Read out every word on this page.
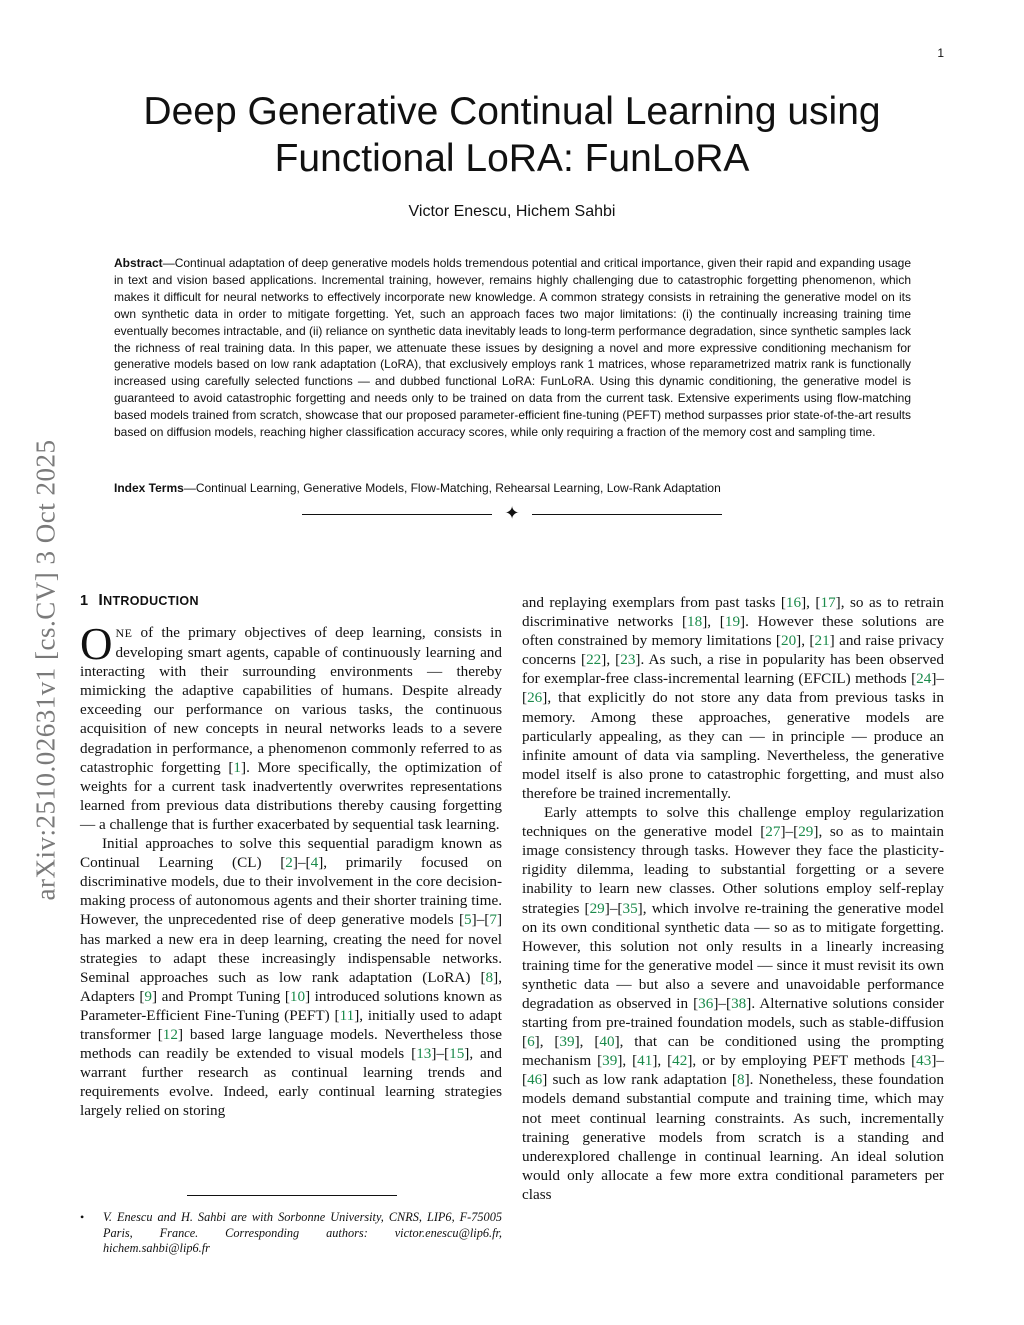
1
arXiv:2510.02631v1 [cs.CV] 3 Oct 2025
Deep Generative Continual Learning using
Functional LoRA: FunLoRA
Victor Enescu, Hichem Sahbi

Abstract—Continual adaptation of deep generative models holds tremendous potential and critical importance, given their rapid and expanding usage in text and vision based applications. Incremental training, however, remains highly challenging due to catastrophic forgetting phenomenon, which makes it difficult for neural networks to effectively incorporate new knowledge. A common strategy consists in retraining the generative model on its own synthetic data in order to mitigate forgetting. Yet, such an approach faces two major limitations: (i) the continually increasing training time eventually becomes intractable, and (ii) reliance on synthetic data inevitably leads to long-term performance degradation, since synthetic samples lack the richness of real training data. In this paper, we attenuate these issues by designing a novel and more expressive conditioning mechanism for generative models based on low rank adaptation (LoRA), that exclusively employs rank 1 matrices, whose reparametrized matrix rank is functionally increased using carefully selected functions — and dubbed functional LoRA: FunLoRA. Using this dynamic conditioning, the generative model is guaranteed to avoid catastrophic forgetting and needs only to be trained on data from the current task. Extensive experiments using flow-matching based models trained from scratch, showcase that our proposed parameter-efficient fine-tuning (PEFT) method surpasses prior state-of-the-art results based on diffusion models, reaching higher classification accuracy scores, while only requiring a fraction of the memory cost and sampling time.

Index Terms—Continual Learning, Generative Models, Flow-Matching, Rehearsal Learning, Low-Rank Adaptation

✦
1 INTRODUCTION

ONE of the primary objectives of deep learning, consists in developing smart agents, capable of continuously learning and interacting with their surrounding environments — thereby mimicking the adaptive capabilities of humans. Despite already exceeding our performance on various tasks, the continuous acquisition of new concepts in neural networks leads to a severe degradation in performance, a phenomenon commonly referred to as catastrophic forgetting [1]. More specifically, the optimization of weights for a current task inadvertently overwrites representations learned from previous data distributions thereby causing forgetting — a challenge that is further exacerbated by sequential task learning.

Initial approaches to solve this sequential paradigm known as Continual Learning (CL) [2]–[4], primarily focused on discriminative models, due to their involvement in the core decision-making process of autonomous agents and their shorter training time. However, the unprecedented rise of deep generative models [5]–[7] has marked a new era in deep learning, creating the need for novel strategies to adapt these increasingly indispensable networks. Seminal approaches such as low rank adaptation (LoRA) [8], Adapters [9] and Prompt Tuning [10] introduced solutions known as Parameter-Efficient Fine-Tuning (PEFT) [11], initially used to adapt transformer [12] based large language models. Nevertheless those methods can readily be extended to visual models [13]–[15], and warrant further research as continual learning trends and requirements evolve. Indeed, early continual learning strategies largely relied on storing

and replaying exemplars from past tasks [16], [17], so as to retrain discriminative networks [18], [19]. However these solutions are often constrained by memory limitations [20], [21] and raise privacy concerns [22], [23]. As such, a rise in popularity has been observed for exemplar-free class-incremental learning (EFCIL) methods [24]–[26], that explicitly do not store any data from previous tasks in memory. Among these approaches, generative models are particularly appealing, as they can — in principle — produce an infinite amount of data via sampling. Nevertheless, the generative model itself is also prone to catastrophic forgetting, and must also therefore be trained incrementally.

Early attempts to solve this challenge employ regularization techniques on the generative model [27]–[29], so as to maintain image consistency through tasks. However they face the plasticity-rigidity dilemma, leading to substantial forgetting or a severe inability to learn new classes. Other solutions employ self-replay strategies [29]–[35], which involve re-training the generative model on its own conditional synthetic data — so as to mitigate forgetting. However, this solution not only results in a linearly increasing training time for the generative model — since it must revisit its own synthetic data — but also a severe and unavoidable performance degradation as observed in [36]–[38]. Alternative solutions consider starting from pre-trained foundation models, such as stable-diffusion [6], [39], [40], that can be conditioned using the prompting mechanism [39], [41], [42], or by employing PEFT methods [43]–[46] such as low rank adaptation [8]. Nonetheless, these foundation models demand substantial compute and training time, which may not meet continual learning constraints. As such, incrementally training generative models from scratch is a standing and underexplored challenge in continual learning. An ideal solution would only allocate a few more extra conditional parameters per class

• V. Enescu and H. Sahbi are with Sorbonne University, CNRS, LIP6, F-75005 Paris, France. Corresponding authors: victor.enescu@lip6.fr, hichem.sahbi@lip6.fr
